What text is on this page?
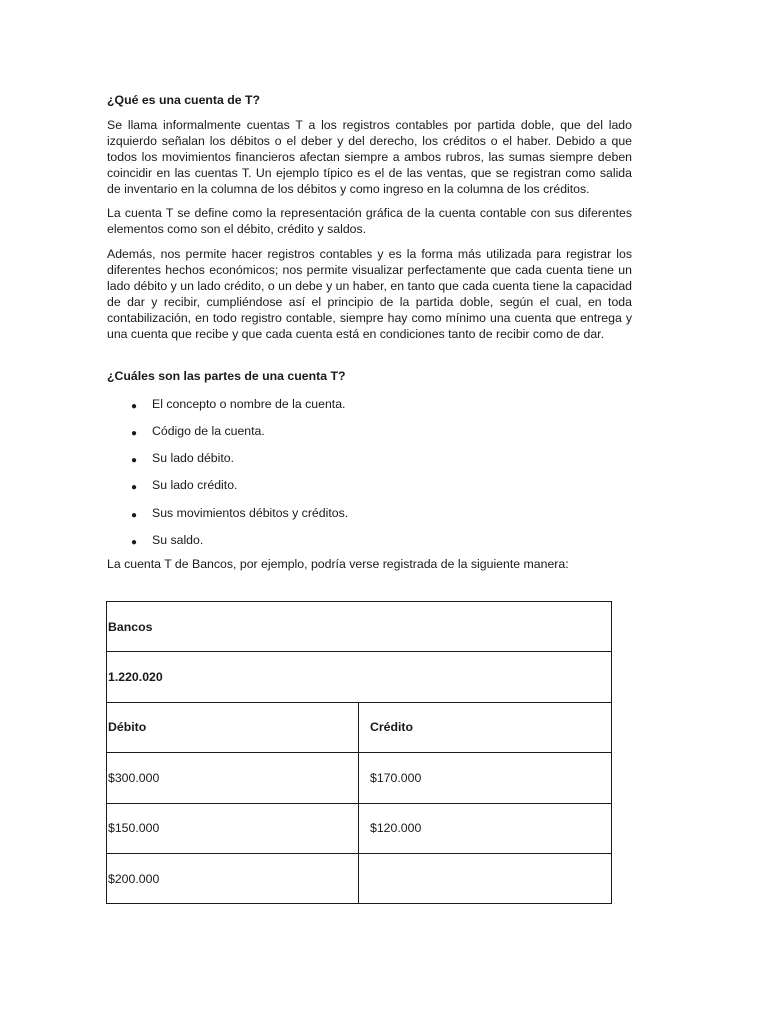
¿Qué es una cuenta de T?

Se llama informalmente cuentas T a los registros contables por partida doble, que del lado izquierdo señalan los débitos o el deber y del derecho, los créditos o el haber. Debido a que todos los movimientos financieros afectan siempre a ambos rubros, las sumas siempre deben coincidir en las cuentas T. Un ejemplo típico es el de las ventas, que se registran como salida de inventario en la columna de los débitos y como ingreso en la columna de los créditos.

La cuenta T se define como la representación gráfica de la cuenta contable con sus diferentes elementos como son el débito, crédito y saldos.

Además, nos permite hacer registros contables y es la forma más utilizada para registrar los diferentes hechos económicos; nos permite visualizar perfectamente que cada cuenta tiene un lado débito y un lado crédito, o un debe y un haber, en tanto que cada cuenta tiene la capacidad de dar y recibir, cumpliéndose así el principio de la partida doble, según el cual, en toda contabilización, en todo registro contable, siempre hay como mínimo una cuenta que entrega y una cuenta que recibe y que cada cuenta está en condiciones tanto de recibir como de dar.

¿Cuáles son las partes de una cuenta T?

● El concepto o nombre de la cuenta.
● Código de la cuenta.
● Su lado débito.
● Su lado crédito.
● Sus movimientos débitos y créditos.
● Su saldo.

La cuenta T de Bancos, por ejemplo, podría verse registrada de la siguiente manera:

Bancos	
1.220.020	
Débito	Crédito
$300.000	$170.000
$150.000	$120.000
$200.000	
